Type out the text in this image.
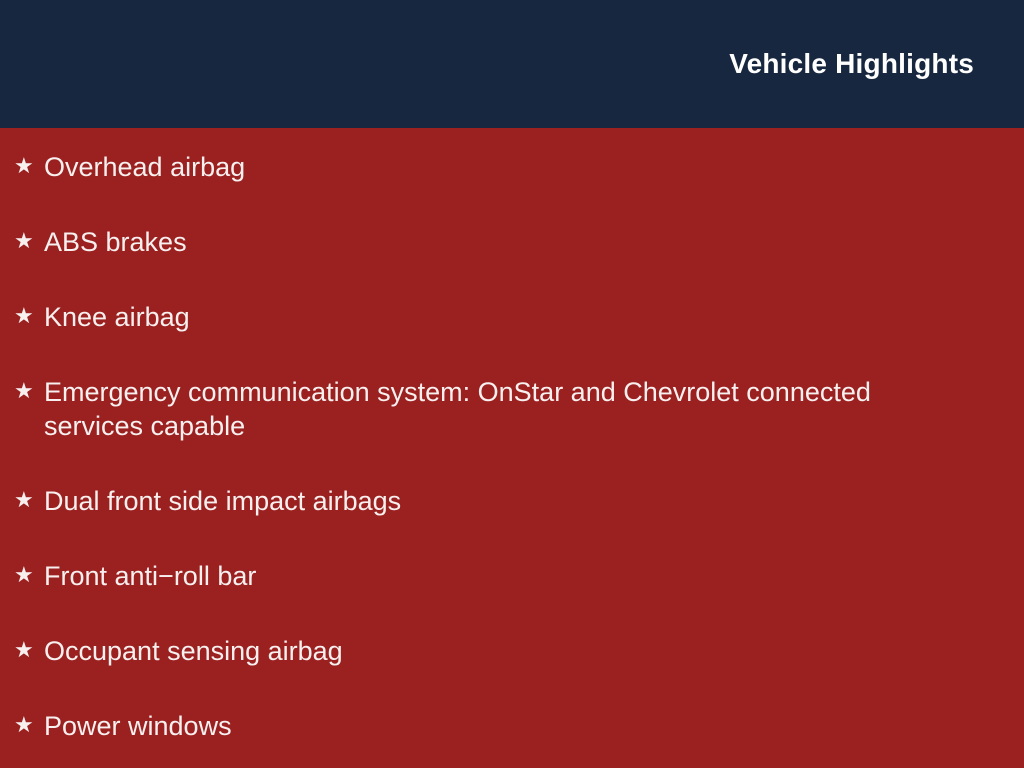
Vehicle Highlights
★ Overhead airbag
★ ABS brakes
★ Knee airbag
★ Emergency communication system: OnStar and Chevrolet connected services capable
★ Dual front side impact airbags
★ Front anti−roll bar
★ Occupant sensing airbag
★ Power windows
